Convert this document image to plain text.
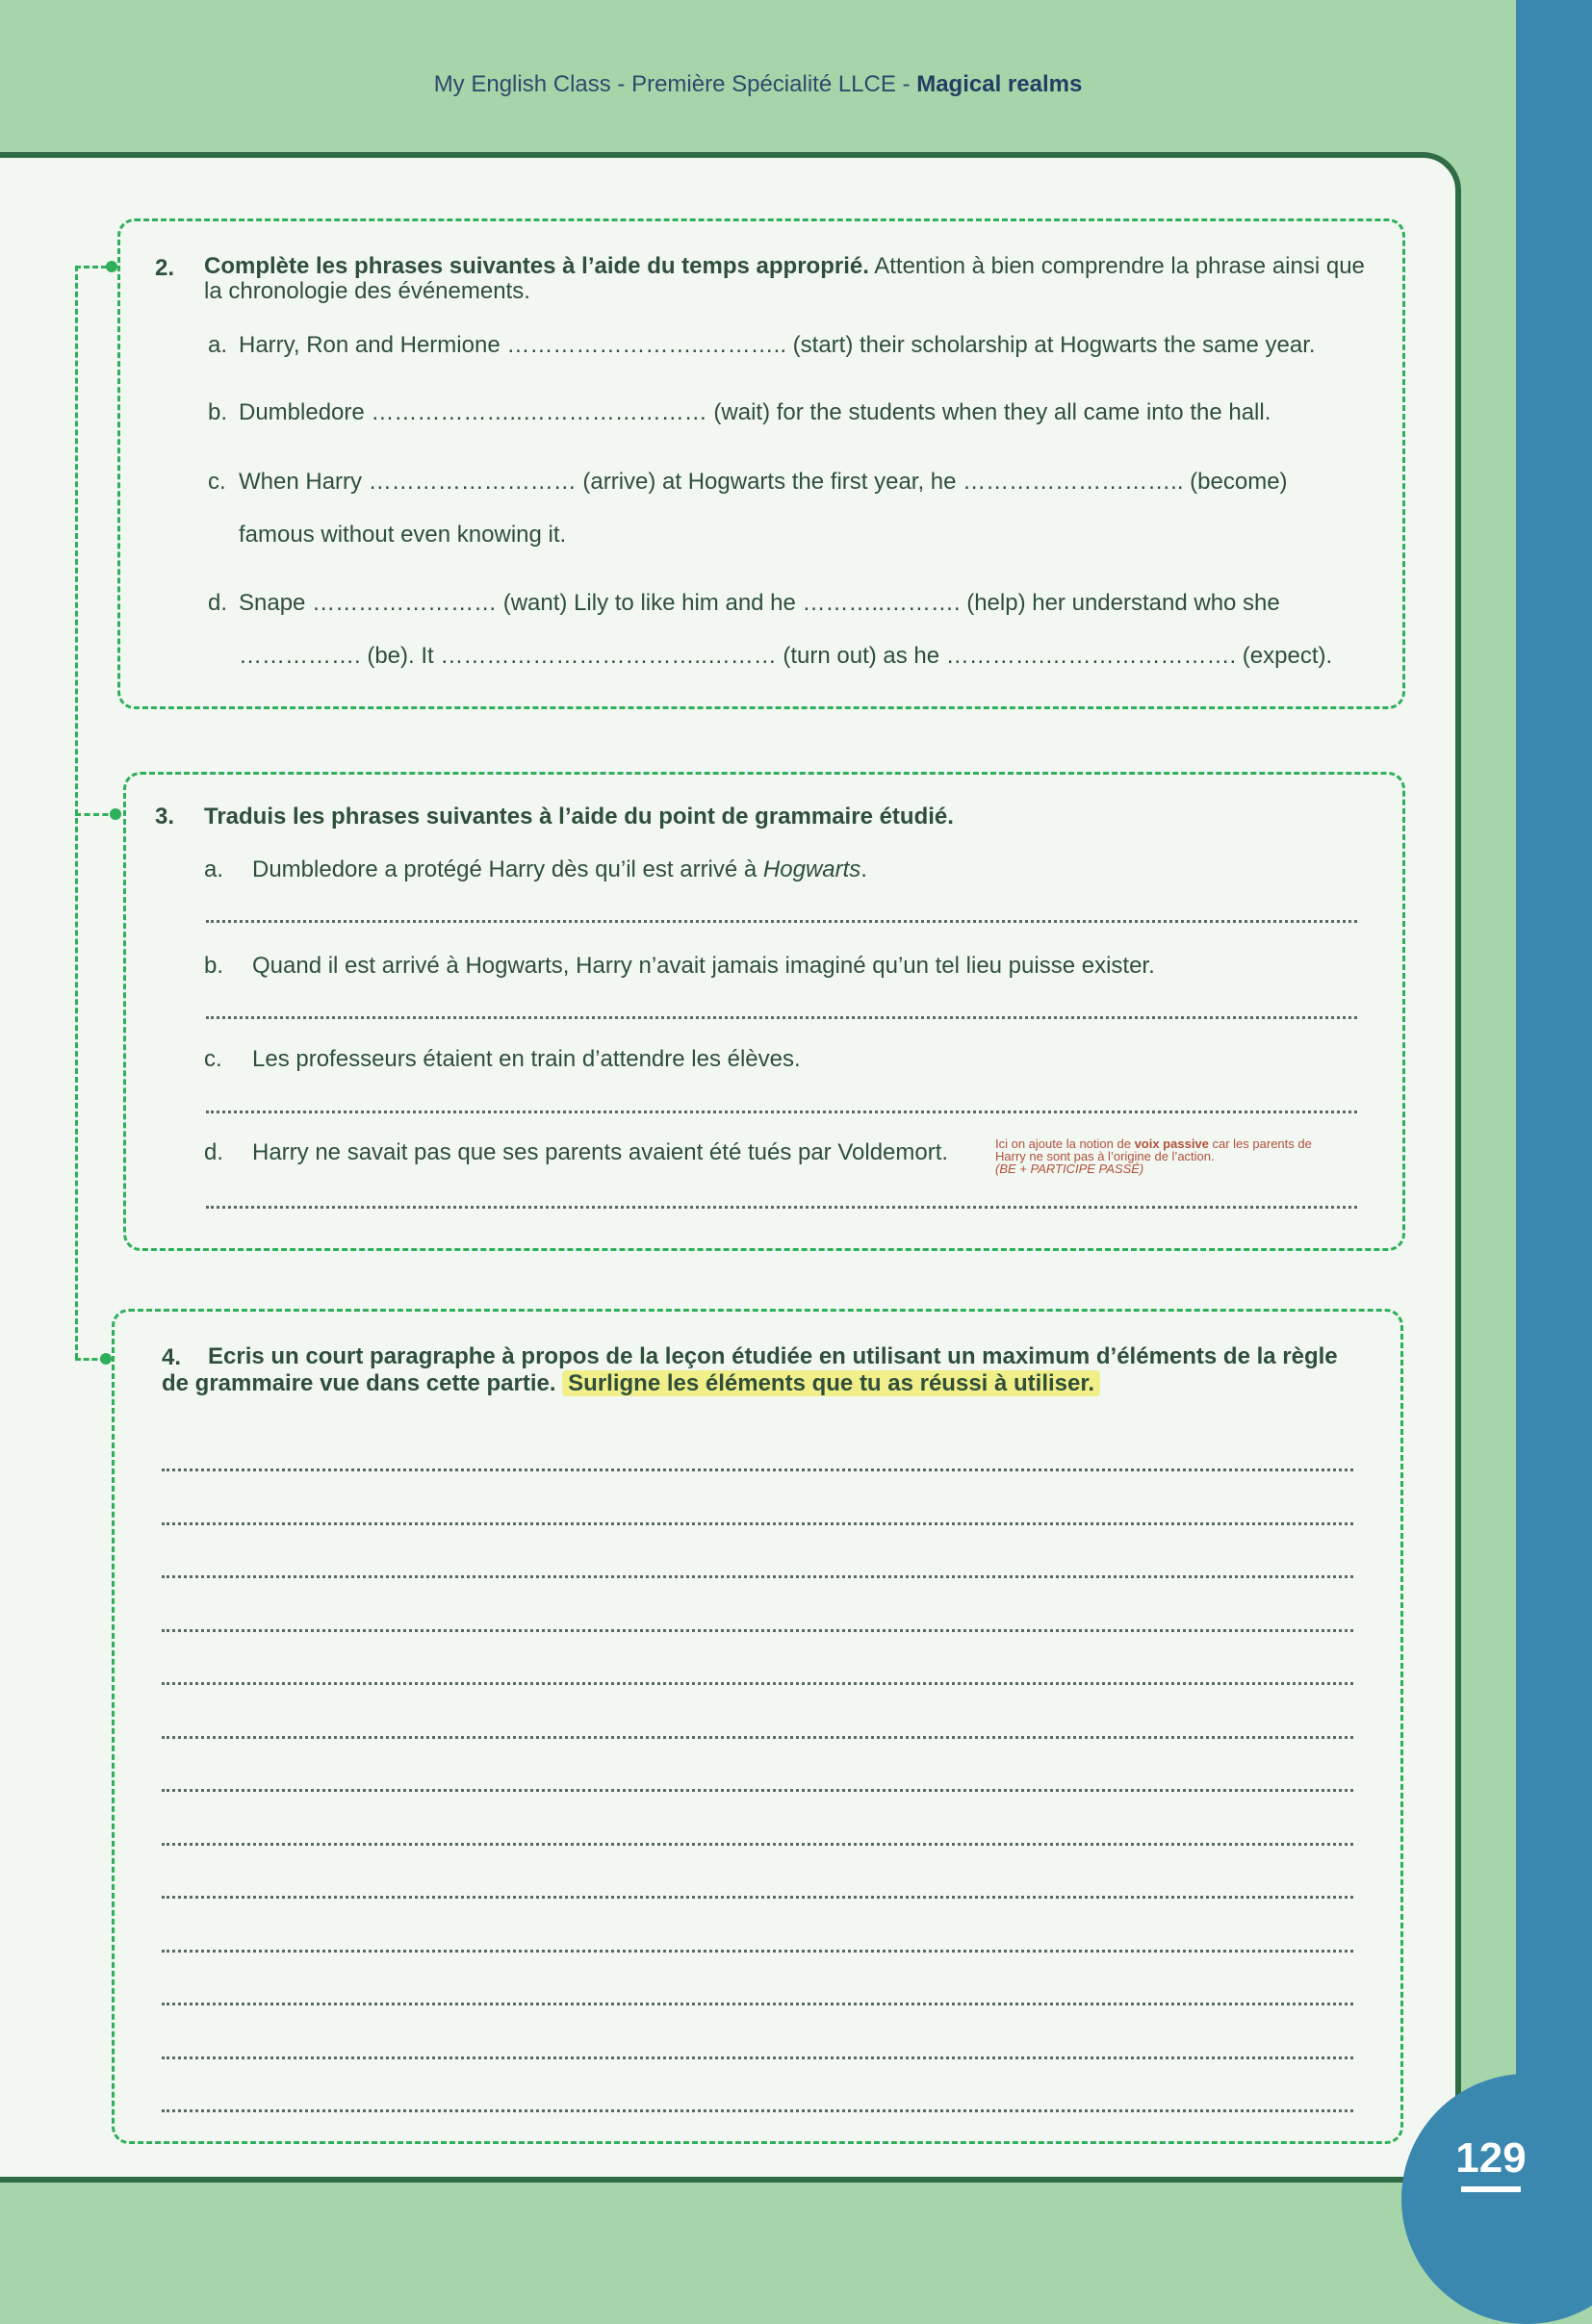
My English Class - Première Spécialité LLCE - Magical realms
2. Complète les phrases suivantes à l’aide du temps approprié. Attention à bien comprendre la phrase ainsi que la chronologie des événements.
a. Harry, Ron and Hermione ……………………..……….. (start) their scholarship at Hogwarts the same year.
b. Dumbledore ………………..…………………… (wait) for the students when they all came into the hall.
c. When Harry ……………………… (arrive) at Hogwarts the first year, he ……………………….. (become)
famous without even knowing it.
d. Snape …………………… (want) Lily to like him and he ………..………. (help) her understand who she
……………. (be). It ……………………………..……… (turn out) as he ………….……………………. (expect).
3. Traduis les phrases suivantes à l’aide du point de grammaire étudié.
a. Dumbledore a protégé Harry dès qu’il est arrivé à Hogwarts.
b. Quand il est arrivé à Hogwarts, Harry n’avait jamais imaginé qu’un tel lieu puisse exister.
c. Les professeurs étaient en train d’attendre les élèves.
d. Harry ne savait pas que ses parents avaient été tués par Voldemort.	Ici on ajoute la notion de voix passive car les parents de
Harry ne sont pas à l’origine de l’action.
(BE + PARTICIPE PASSÉ)
4.	Ecris un court paragraphe à propos de la leçon étudiée en utilisant un maximum d’éléments de la règle de grammaire vue dans cette partie. Surligne les éléments que tu as réussi à utiliser.
129
